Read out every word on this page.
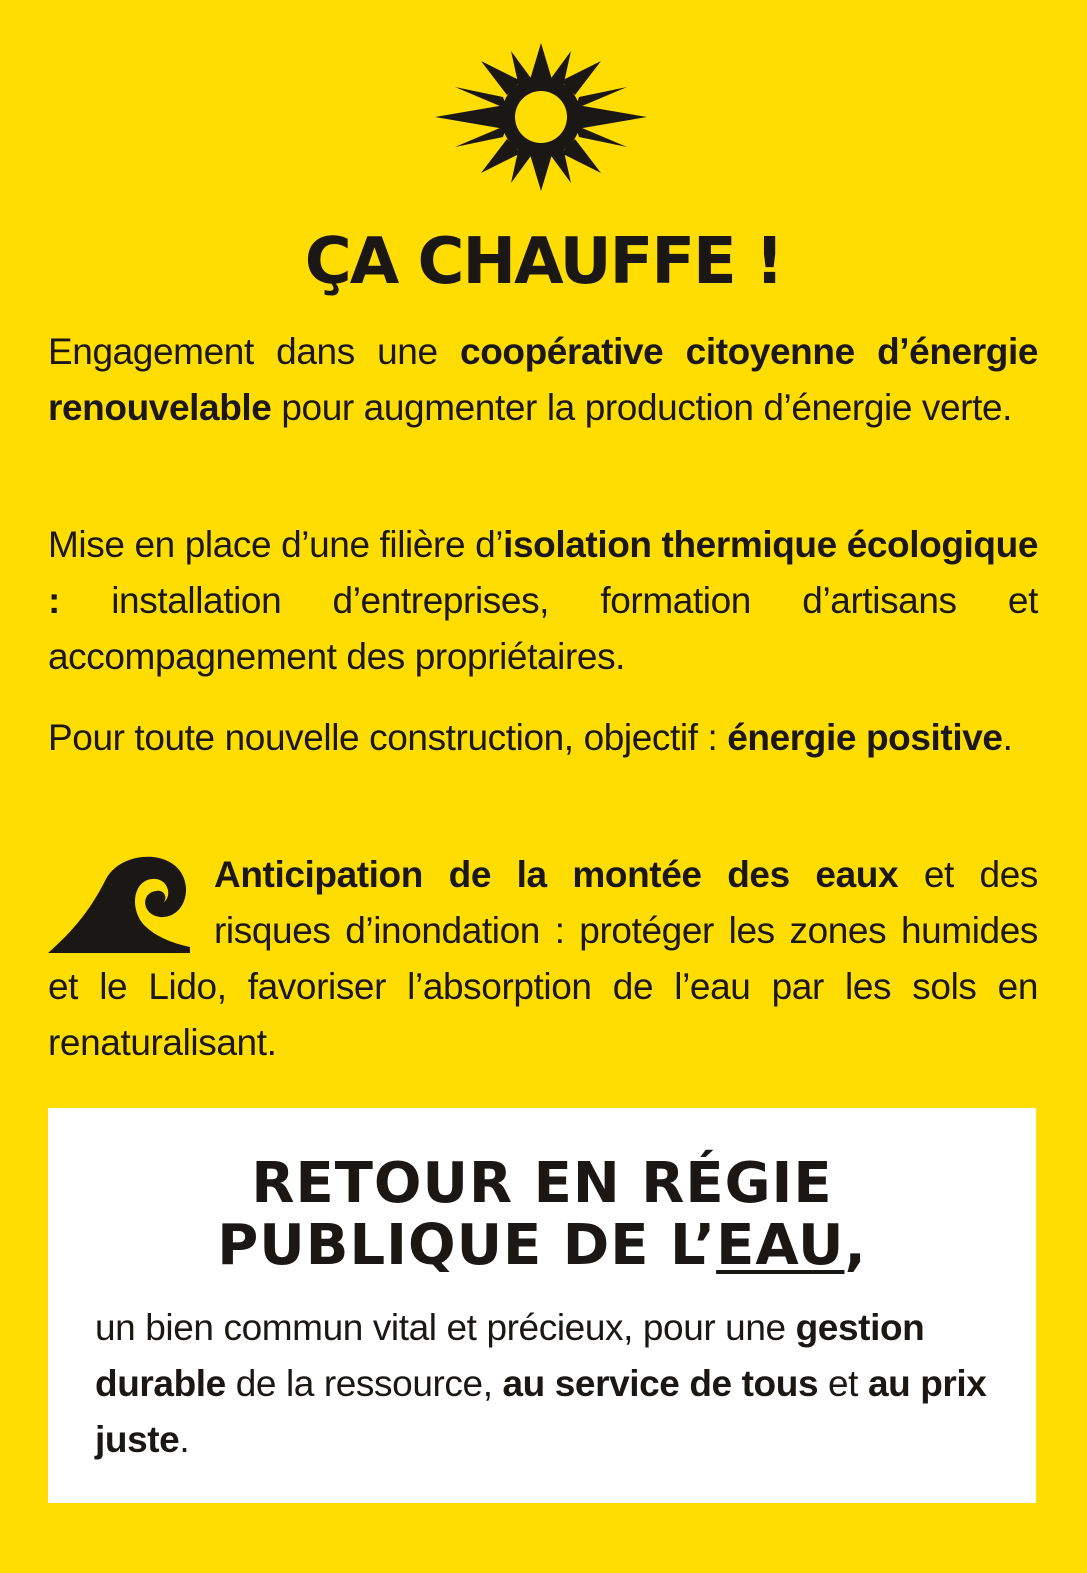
ÇA CHAUFFE !

Engagement dans une coopérative citoyenne d’énergie renouvelable pour augmenter la production d’énergie verte.

Mise en place d’une filière d’isolation thermique écologique : installation d’entreprises, formation d’artisans et accompagnement des propriétaires.

Pour toute nouvelle construction, objectif : énergie positive.

Anticipation de la montée des eaux et des risques d’inondation : protéger les zones humides et le Lido, favoriser l’absorption de l’eau par les sols en renaturalisant.
RETOUR EN RÉGIE
PUBLIQUE DE L’EAU,

un bien commun vital et précieux, pour une gestion durable de la ressource, au service de tous et au prix juste.
